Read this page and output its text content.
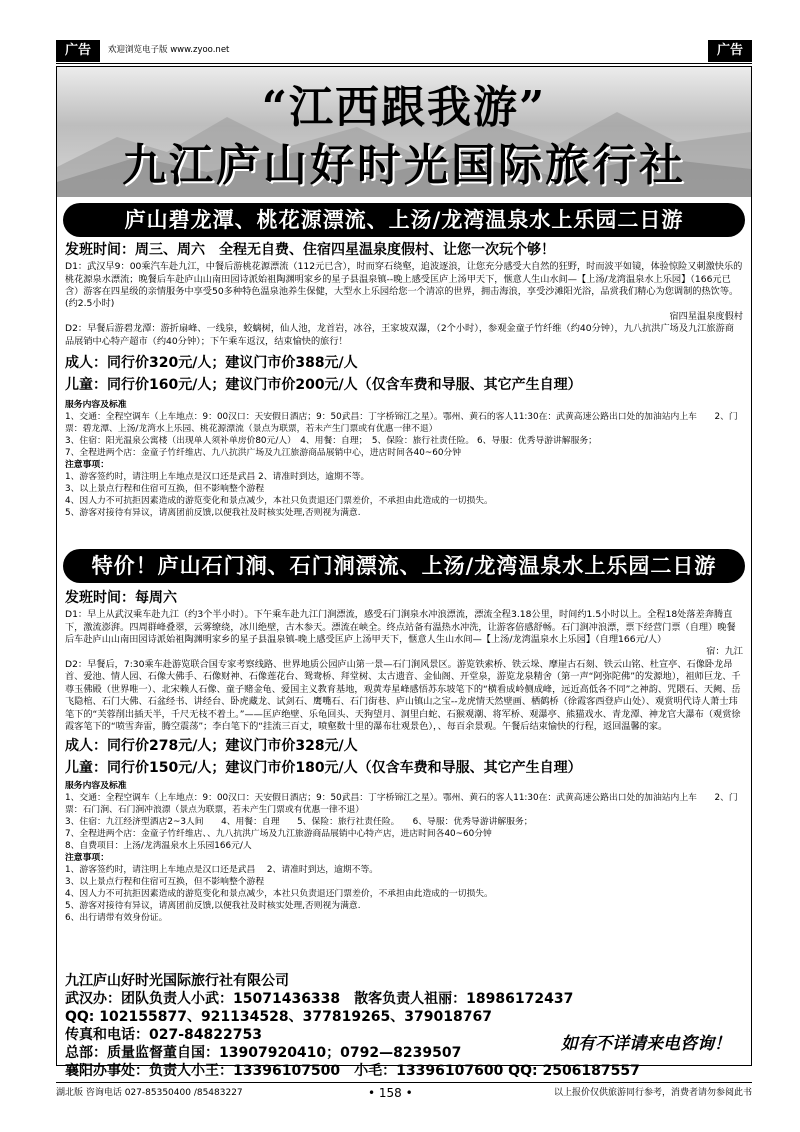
广告	欢迎浏览电子版 www.zyoo.net	广告
“江西跟我游”
九江庐山好时光国际旅行社
庐山碧龙潭、桃花源漂流、上汤/龙湾温泉水上乐园二日游
发班时间：周三、周六　全程无自费、住宿四星温泉度假村、让您一次玩个够！
D1：武汉早9：00乘汽车赴九江，中餐后游桃花源漂流（112元已含），时而穿石绕壑，追波逐浪，让您充分感受大自然的狂野，时而波平如镜，体验惊险又刺激快乐的桃花源泉水漂流；晚餐后车赴庐山山南田园诗派始祖陶渊明家乡的星子县温泉镇--晚上感受匡庐上汤甲天下，惬意人生山水间—【上汤/龙湾温泉水上乐园】（166元已含）游客在四星级的亲情服务中享受50多种特色温泉池养生保健，大型水上乐园给您一个清凉的世界，拥击海浪，享受沙滩阳光浴，品赏我们精心为您调制的热饮等。(约2.5小时)
宿四星温泉度假村
D2：早餐后游碧龙潭：游折扇峰、一线泉，蛟螭树，仙人池，龙首岩，冰谷，王家坡双瀑，（2个小时），参观金童子竹纤维（约40分钟），九八抗洪广场及九江旅游商品展销中心特产超市（约40分钟）；下午乘车返汉，结束愉快的旅行！
成人：同行价320元/人；建议门市价388元/人
儿童：同行价160元/人；建议门市价200元/人（仅含车费和导服、其它产生自理）
服务内容及标准
1、交通：全程空调车（上车地点：9：00汉口：天安假日酒店；9：50武昌：丁字桥锦江之星）。鄂州、黄石的客人11:30在：武黄高速公路出口处的加油站内上车　　2、门票：碧龙潭、上汤/龙湾水上乐园、桃花源漂流（景点为联票，若未产生门票或有优惠一律不退）
3、住宿：阳光温泉公寓楼（出现单人须补单房价80元/人）　4、用餐：自理；　5、保险：旅行社责任险。 6、导服：优秀导游讲解服务；
7、全程进两个店：金童子竹纤维店、九八抗洪广场及九江旅游商品展销中心，进店时间各40~60分钟
注意事项：
1、游客签约时，请注明上车地点是汉口还是武昌 2、请准时到达，逾期不等。
3、以上景点行程和住宿可互换，但不影响整个游程
4、因人力不可抗拒因素造成的游览变化和景点减少，本社只负责退还门票差价，不承担由此造成的一切损失。
5、游客对接待有异议，请离团前反馈,以便我社及时核实处理,否则视为满意.
特价！庐山石门涧、石门涧漂流、上汤/龙湾温泉水上乐园二日游
发班时间：每周六
D1：早上从武汉乘车赴九江（约3个半小时）。下午乘车赴九江门涧漂流，感受石门涧泉水冲浪漂流，漂流全程3.18公里，时间约1.5小时以上。全程18处落差奔腾直下，激流澎湃。四周群峰叠翠，云雾缭绕，冰川绝壁，古木参天。漂流在峡全。终点站备有温热水冲洗，让游客倍感舒畅。石门涧冲浪漂，票下经营门票（自理）晚餐后车赴庐山山南田园诗派始祖陶渊明家乡的星子县温泉镇-晚上感受匡庐上汤甲天下，惬意人生山水间—【上汤/龙湾温泉水上乐园】（自理166元/人）
宿：九江
D2：早餐后，7:30乘车赴游览联合国专家考察线路、世界地质公园庐山第一景—石门涧风景区。游览铁索桥、铁云垛、摩崖古石刻、铁云山铭、杜宣亭、石像卧龙昂首、爱池、情人园、石像大佛手、石像财神、石像莲花台、鸳鸯桥、拜堂树、太古遗音、金仙阁、开堂泉，游览龙泉精舍（第一声“阿弥陀佛”的发源地），祖师巨龙、千尊玉佛殿（世界唯一）、北宋赖人石像、童子赌金龟、爱国主义教育基地，观黄寿星峰感悟苏东坡笔下的“横看成岭侧成峰，远近高低各不同”之神韵、咒隈石、天阙、岳飞隐棺、石门大佛、石盆经书、讲经台、卧虎藏龙、试剑石、鹰嘴石、石门街巷、庐山镇山之宝--龙虎情天然壁画、栖鹤桥（徐霞客西登庐山处）、观赏明代诗人萧士玮笔下的“芙蓉削出插天半，千尺无枝不着土。”——匡庐绝壁、乐龟回头、天狗望月、洞里白蛇、石猴观潮、将军桥、观瀑亭、熊猫戏水、青龙潭、神龙官大瀑布（观赏徐霞客笔下的“喷雪奔雷，腾空震荡”；李白笔下的“挂流三百丈，喷壑数十里的瀑布壮观景色），、每百余景观。午餐后结束愉快的行程，返回温馨的家。
成人：同行价278元/人；建议门市价328元/人
儿童：同行价150元/人；建议门市价180元/人（仅含车费和导服、其它产生自理）
服务内容及标准
1、交通：全程空调车（上车地点：9：00汉口：天安假日酒店；9：50武昌：丁字桥锦江之星）。鄂州、黄石的客人11:30在：武黄高速公路出口处的加油站内上车　　2、门票：石门涧、石门涧冲浪漂（景点为联票，若未产生门票或有优惠一律不退）
3、住宿：九江经济型酒店2~3人间　　4、用餐：自理　　5、保险：旅行社责任险。　　6、导服：优秀导游讲解服务；
7、全程进两个店：金童子竹纤维店、、九八抗洪广场及九江旅游商品展销中心特产店，进店时间各40~60分钟
8、自费项目：上汤/龙湾温泉水上乐园166元/人
注意事项：
1、游客签约时，请注明上车地点是汉口还是武昌　 2、请准时到达，逾期不等。
3、以上景点行程和住宿可互换，但不影响整个游程
4、因人力不可抗拒因素造成的游览变化和景点减少，本社只负责退还门票差价，不承担由此造成的一切损失。
5、游客对接待有异议，请离团前反馈,以便我社及时核实处理,否则视为满意.
6、出行请带有效身份证。
九江庐山好时光国际旅行社有限公司
武汉办：团队负责人小武：15071436338　散客负责人祖丽：18986172437
QQ: 102155877、921134528、377819265、379018767
传真和电话：027-84822753
总部：质量监督董自国：13907920410；0792—8239507
襄阳办事处：负责人小王：13396107500　小毛：13396107600 QQ: 2506187557
如有不详请来电咨询！
湖北版 咨询电话 027-85350400 /85483227	• 158 •	以上报价仅供旅游同行参考，消费者请勿参阅此书
